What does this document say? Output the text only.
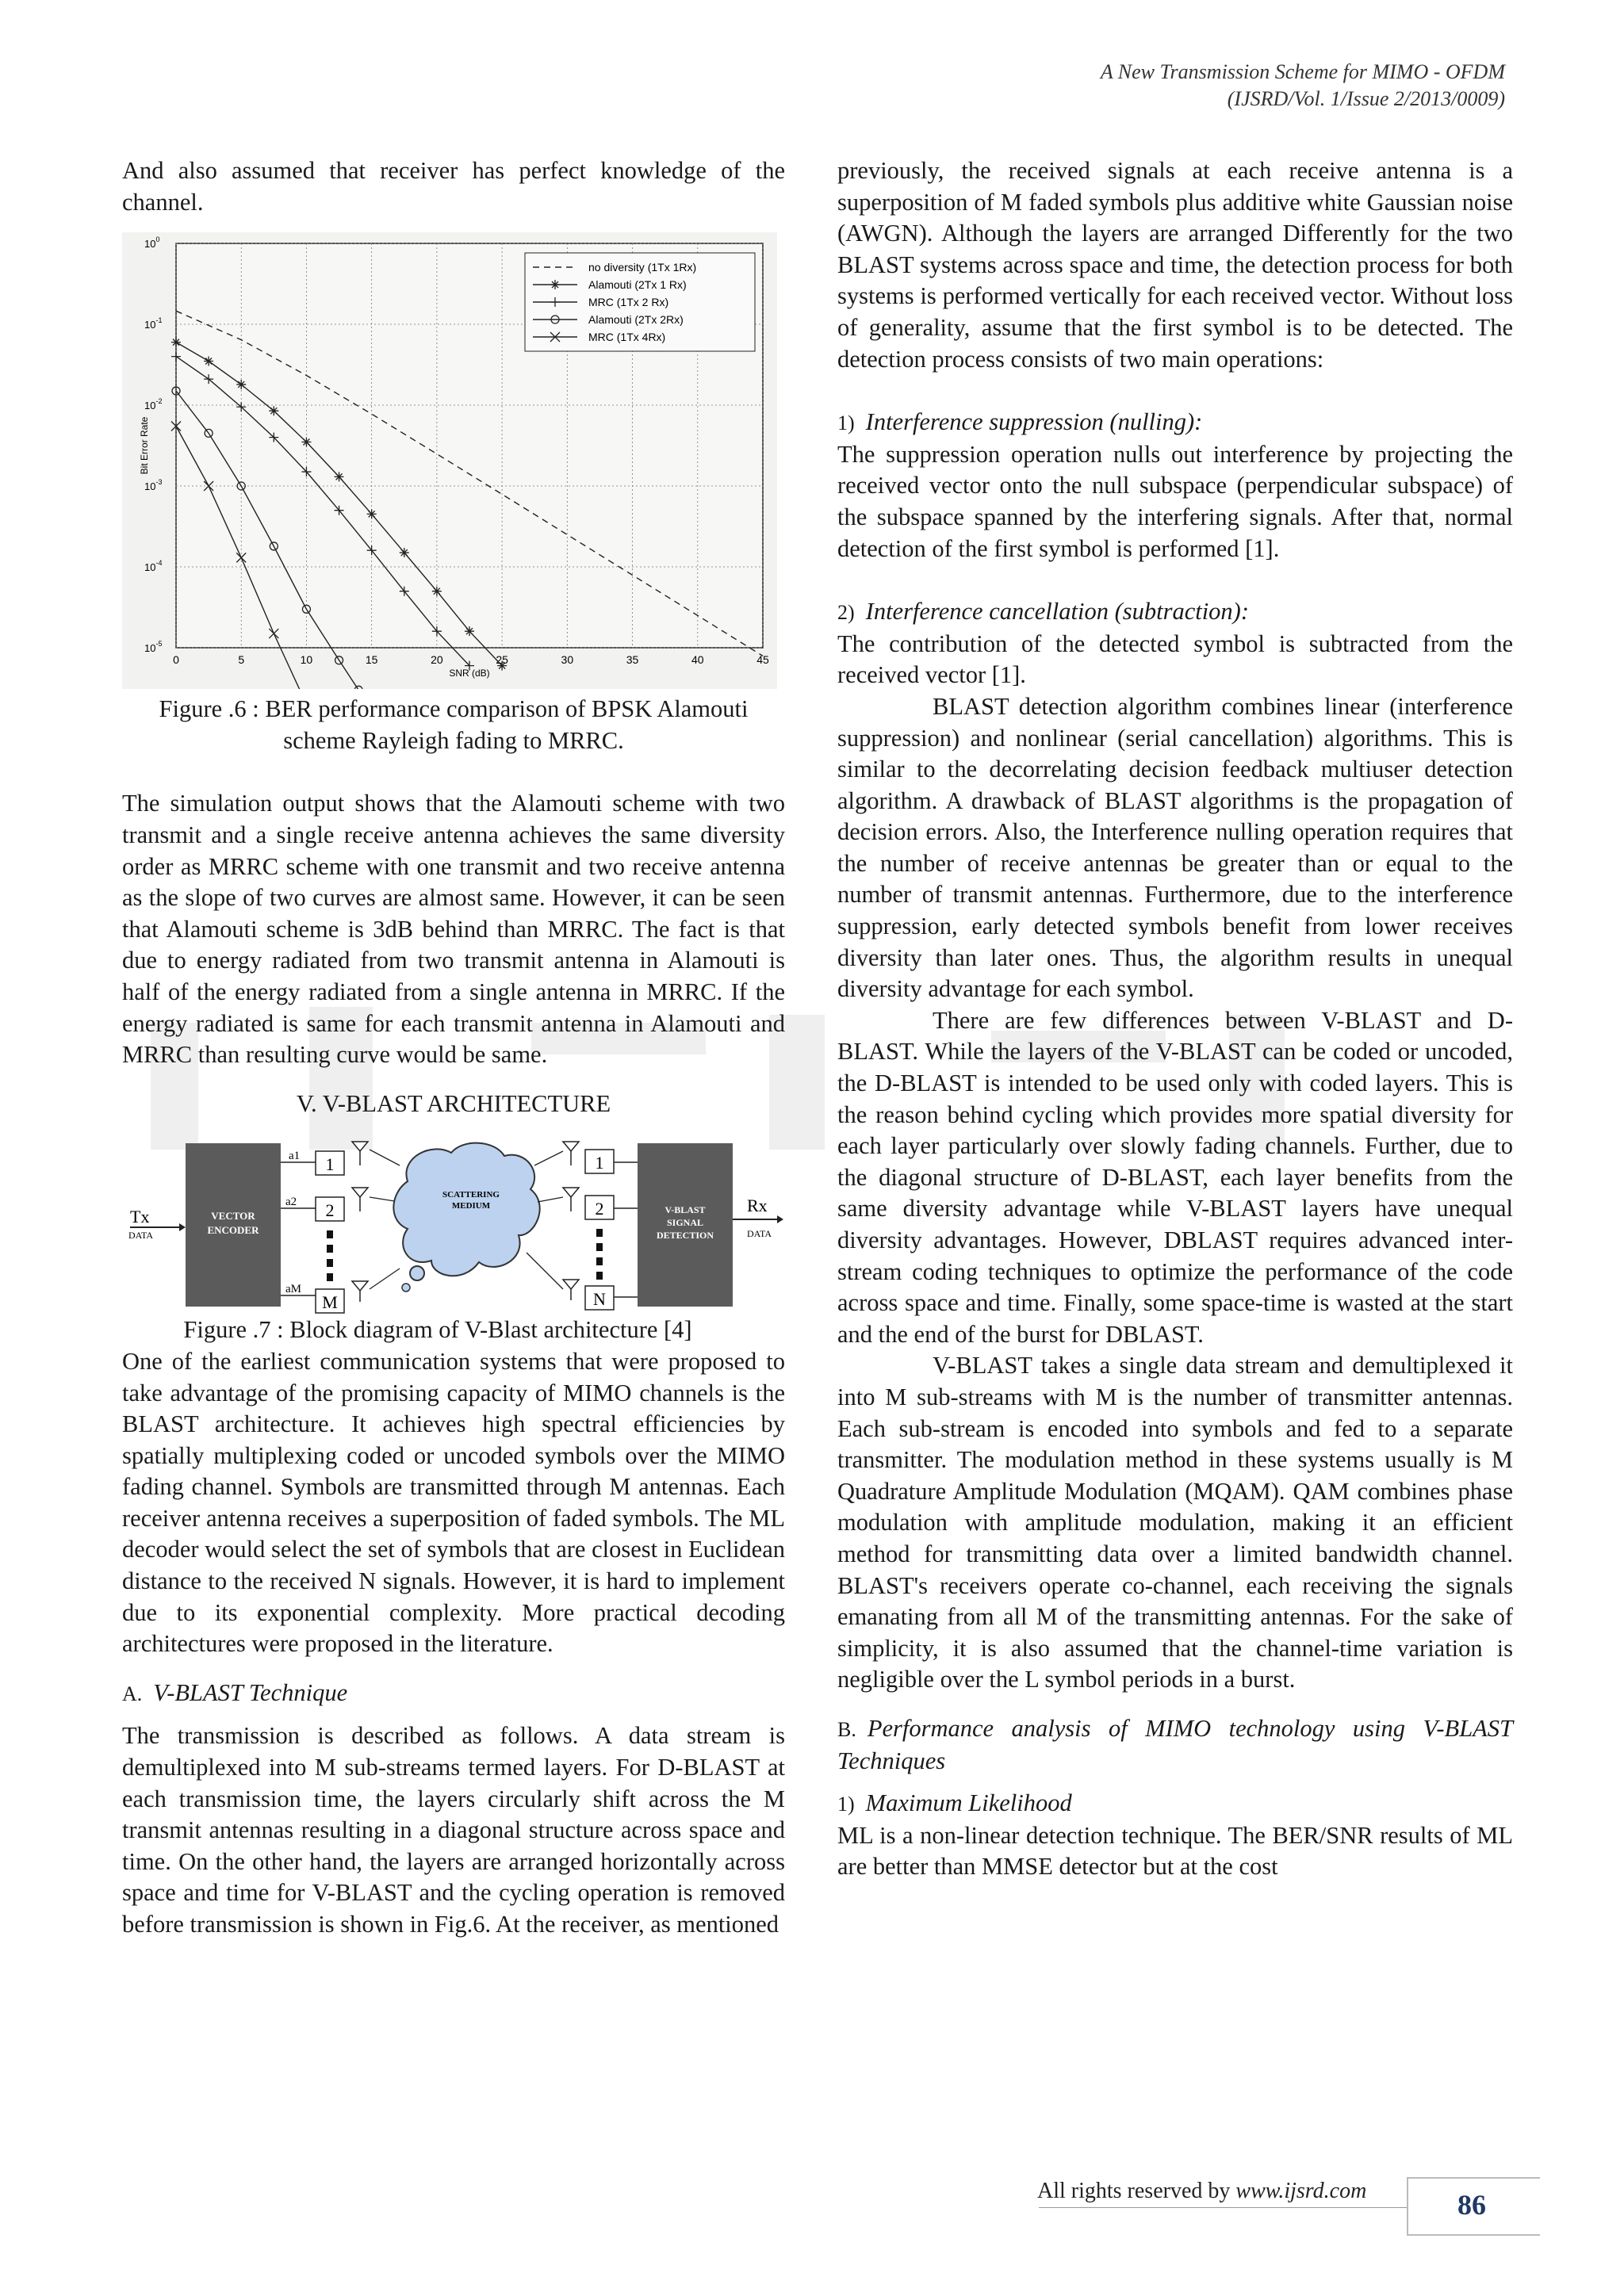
A New Transmission Scheme for MIMO - OFDM
(IJSRD/Vol. 1/Issue 2/2013/0009)

And also assumed that receiver has perfect knowledge of the channel.

0	5	10	15	20	25	30	35	40	45
$10^0$
$10^{-1}$
$10^{-2}$
$10^{-3}$
$10^{-4}$
$10^{-5}$
SNR (dB)
Bit Error Rate
no diversity (1Tx 1Rx)
Alamouti (2Tx 1 Rx)
MRC (1Tx 2 Rx)
Alamouti (2Tx 2Rx)
MRC (1Tx 4Rx)

Figure .6 : BER performance comparison of BPSK Alamouti scheme Rayleigh fading to MRRC.

The simulation output shows that the Alamouti scheme with two transmit and a single receive antenna achieves the same diversity order as MRRC scheme with one transmit and two receive antenna as the slope of two curves are almost same. However, it can be seen that Alamouti scheme is 3dB behind than MRRC. The fact is that due to energy radiated from two transmit antenna in Alamouti is half of the energy radiated from a single antenna in MRRC. If the energy radiated is same for each transmit antenna in Alamouti and MRRC than resulting curve would be same.

V. V-BLAST ARCHITECTURE

Tx
DATA
VECTOR
ENCODER
a1
a2
aM
1
2
M
SCATTERING
MEDIUM
1
2
N
V-BLAST
SIGNAL
DETECTION
Rx
DATA

Figure .7 : Block diagram of V-Blast architecture [4]

One of the earliest communication systems that were proposed to take advantage of the promising capacity of MIMO channels is the BLAST architecture. It achieves high spectral efficiencies by spatially multiplexing coded or uncoded symbols over the MIMO fading channel. Symbols are transmitted through M antennas. Each receiver antenna receives a superposition of faded symbols. The ML decoder would select the set of symbols that are closest in Euclidean distance to the received N signals. However, it is hard to implement due to its exponential complexity. More practical decoding architectures were proposed in the literature.

A. V-BLAST Technique

The transmission is described as follows. A data stream is demultiplexed into M sub-streams termed layers. For D-BLAST at each transmission time, the layers circularly shift across the M transmit antennas resulting in a diagonal structure across space and time. On the other hand, the layers are arranged horizontally across space and time for V-BLAST and the cycling operation is removed before transmission is shown in Fig.6. At the receiver, as mentioned

previously, the received signals at each receive antenna is a superposition of M faded symbols plus additive white Gaussian noise (AWGN). Although the layers are arranged Differently for the two BLAST systems across space and time, the detection process for both systems is performed vertically for each received vector. Without loss of generality, assume that the first symbol is to be detected. The detection process consists of two main operations:

1) Interference suppression (nulling):

The suppression operation nulls out interference by projecting the received vector onto the null subspace (perpendicular subspace) of the subspace spanned by the interfering signals. After that, normal detection of the first symbol is performed [1].

2) Interference cancellation (subtraction):

The contribution of the detected symbol is subtracted from the received vector [1].

BLAST detection algorithm combines linear (interference suppression) and nonlinear (serial cancellation) algorithms. This is similar to the decorrelating decision feedback multiuser detection algorithm. A drawback of BLAST algorithms is the propagation of decision errors. Also, the Interference nulling operation requires that the number of receive antennas be greater than or equal to the number of transmit antennas. Furthermore, due to the interference suppression, early detected symbols benefit from lower receives diversity than later ones. Thus, the algorithm results in unequal diversity advantage for each symbol.

There are few differences between V-BLAST and D-BLAST. While the layers of the V-BLAST can be coded or uncoded, the D-BLAST is intended to be used only with coded layers. This is the reason behind cycling which provides more spatial diversity for each layer particularly over slowly fading channels. Further, due to the diagonal structure of D-BLAST, each layer benefits from the same diversity advantage while V-BLAST layers have unequal diversity advantages. However, DBLAST requires advanced inter-stream coding techniques to optimize the performance of the code across space and time. Finally, some space-time is wasted at the start and the end of the burst for DBLAST.

V-BLAST takes a single data stream and demultiplexed it into M sub-streams with M is the number of transmitter antennas. Each sub-stream is encoded into symbols and fed to a separate transmitter. The modulation method in these systems usually is M Quadrature Amplitude Modulation (MQAM). QAM combines phase modulation with amplitude modulation, making it an efficient method for transmitting data over a limited bandwidth channel. BLAST's receivers operate co-channel, each receiving the signals emanating from all M of the transmitting antennas. For the sake of simplicity, it is also assumed that the channel-time variation is negligible over the L symbol periods in a burst.

B. Performance analysis of MIMO technology using V-BLAST Techniques

1) Maximum Likelihood

ML is a non-linear detection technique. The BER/SNR results of ML are better than MMSE detector but at the cost

All rights reserved by www.ijsrd.com	86
